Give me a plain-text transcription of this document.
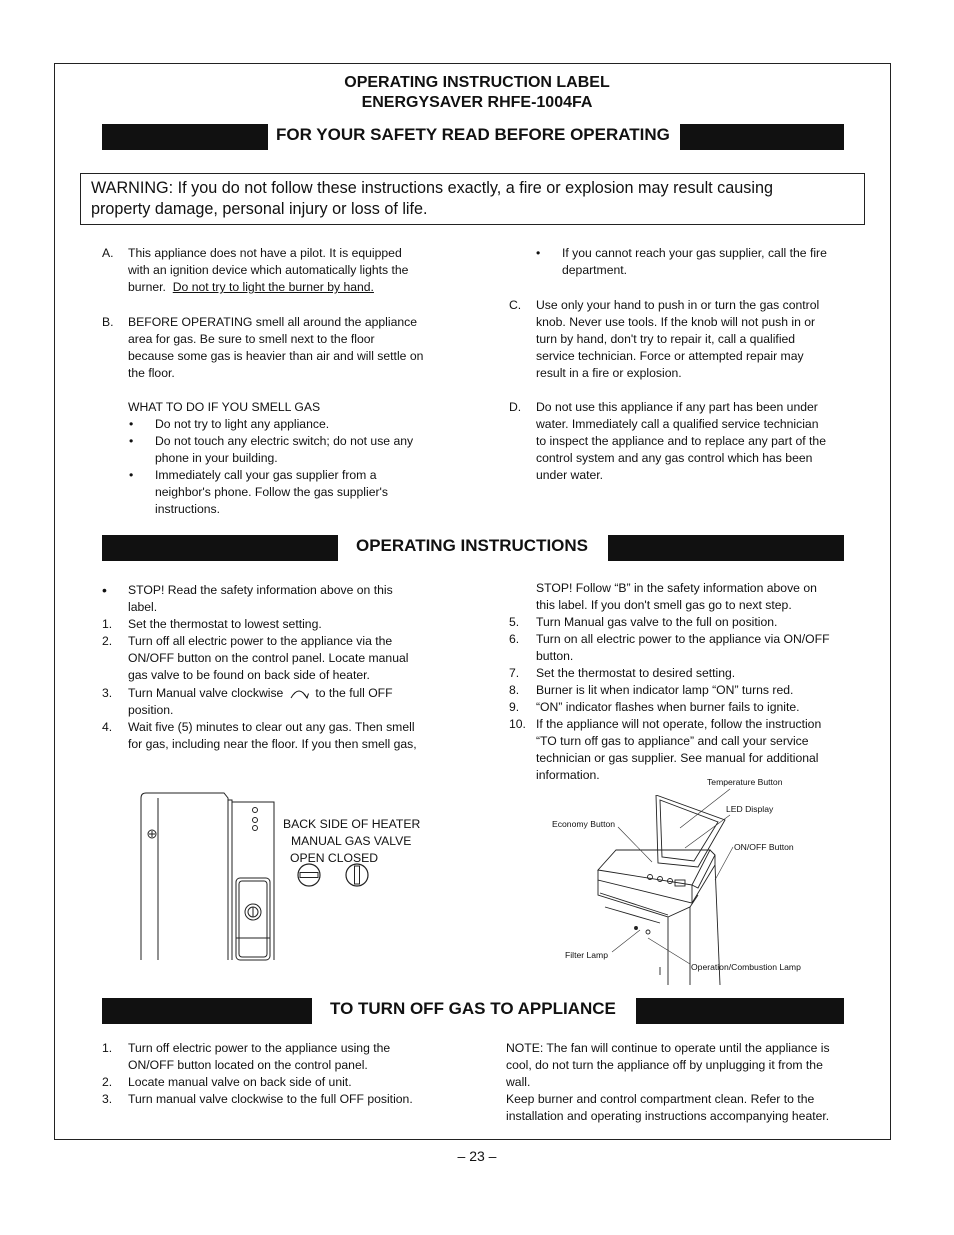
OPERATING INSTRUCTION LABEL
ENERGYSAVER RHFE-1004FA
FOR YOUR SAFETY READ BEFORE OPERATING
WARNING: If you do not follow these instructions exactly, a fire or explosion may result causing
property damage, personal injury or loss of life.
A. This appliance does not have a pilot. It is equipped
with an ignition device which automatically lights the
burner. Do not try to light the burner by hand.
B. BEFORE OPERATING smell all around the appliance
area for gas. Be sure to smell next to the floor
because some gas is heavier than air and will settle on
the floor.
WHAT TO DO IF YOU SMELL GAS
• Do not try to light any appliance.
• Do not touch any electric switch; do not use any
phone in your building.
• Immediately call your gas supplier from a
neighbor's phone. Follow the gas supplier's
instructions.
• If you cannot reach your gas supplier, call the fire
department.
C. Use only your hand to push in or turn the gas control
knob. Never use tools. If the knob will not push in or
turn by hand, don't try to repair it, call a qualified
service technician. Force or attempted repair may
result in a fire or explosion.
D. Do not use this appliance if any part has been under
water. Immediately call a qualified service technician
to inspect the appliance and to replace any part of the
control system and any gas control which has been
under water.
OPERATING INSTRUCTIONS
• STOP! Read the safety information above on this
label.
1. Set the thermostat to lowest setting.
2. Turn off all electric power to the appliance via the
ON/OFF button on the control panel. Locate manual
gas valve to be found on back side of heater.
3. Turn Manual valve clockwise	to the full OFF
position.
4. Wait five (5) minutes to clear out any gas. Then smell
for gas, including near the floor. If you then smell gas,
STOP! Follow “B” in the safety information above on
this label. If you don't smell gas go to next step.
5. Turn Manual gas valve to the full on position.
6. Turn on all electric power to the appliance via ON/OFF
button.
7. Set the thermostat to desired setting.
8. Burner is lit when indicator lamp “ON” turns red.
9. “ON” indicator flashes when burner fails to ignite.
10. If the appliance will not operate, follow the instruction
“TO turn off gas to appliance” and call your service
technician or gas supplier. See manual for additional
information.
BACK SIDE OF HEATER
MANUAL GAS VALVE
OPEN CLOSED
Temperature Button
LED Display
Economy Button
ON/OFF Button
Filter Lamp
Operation/Combustion Lamp
TO TURN OFF GAS TO APPLIANCE
1. Turn off electric power to the appliance using the
ON/OFF button located on the control panel.
2. Locate manual valve on back side of unit.
3. Turn manual valve clockwise to the full OFF position.
NOTE: The fan will continue to operate until the appliance is
cool, do not turn the appliance off by unplugging it from the
wall.
Keep burner and control compartment clean. Refer to the
installation and operating instructions accompanying heater.
– 23 –
